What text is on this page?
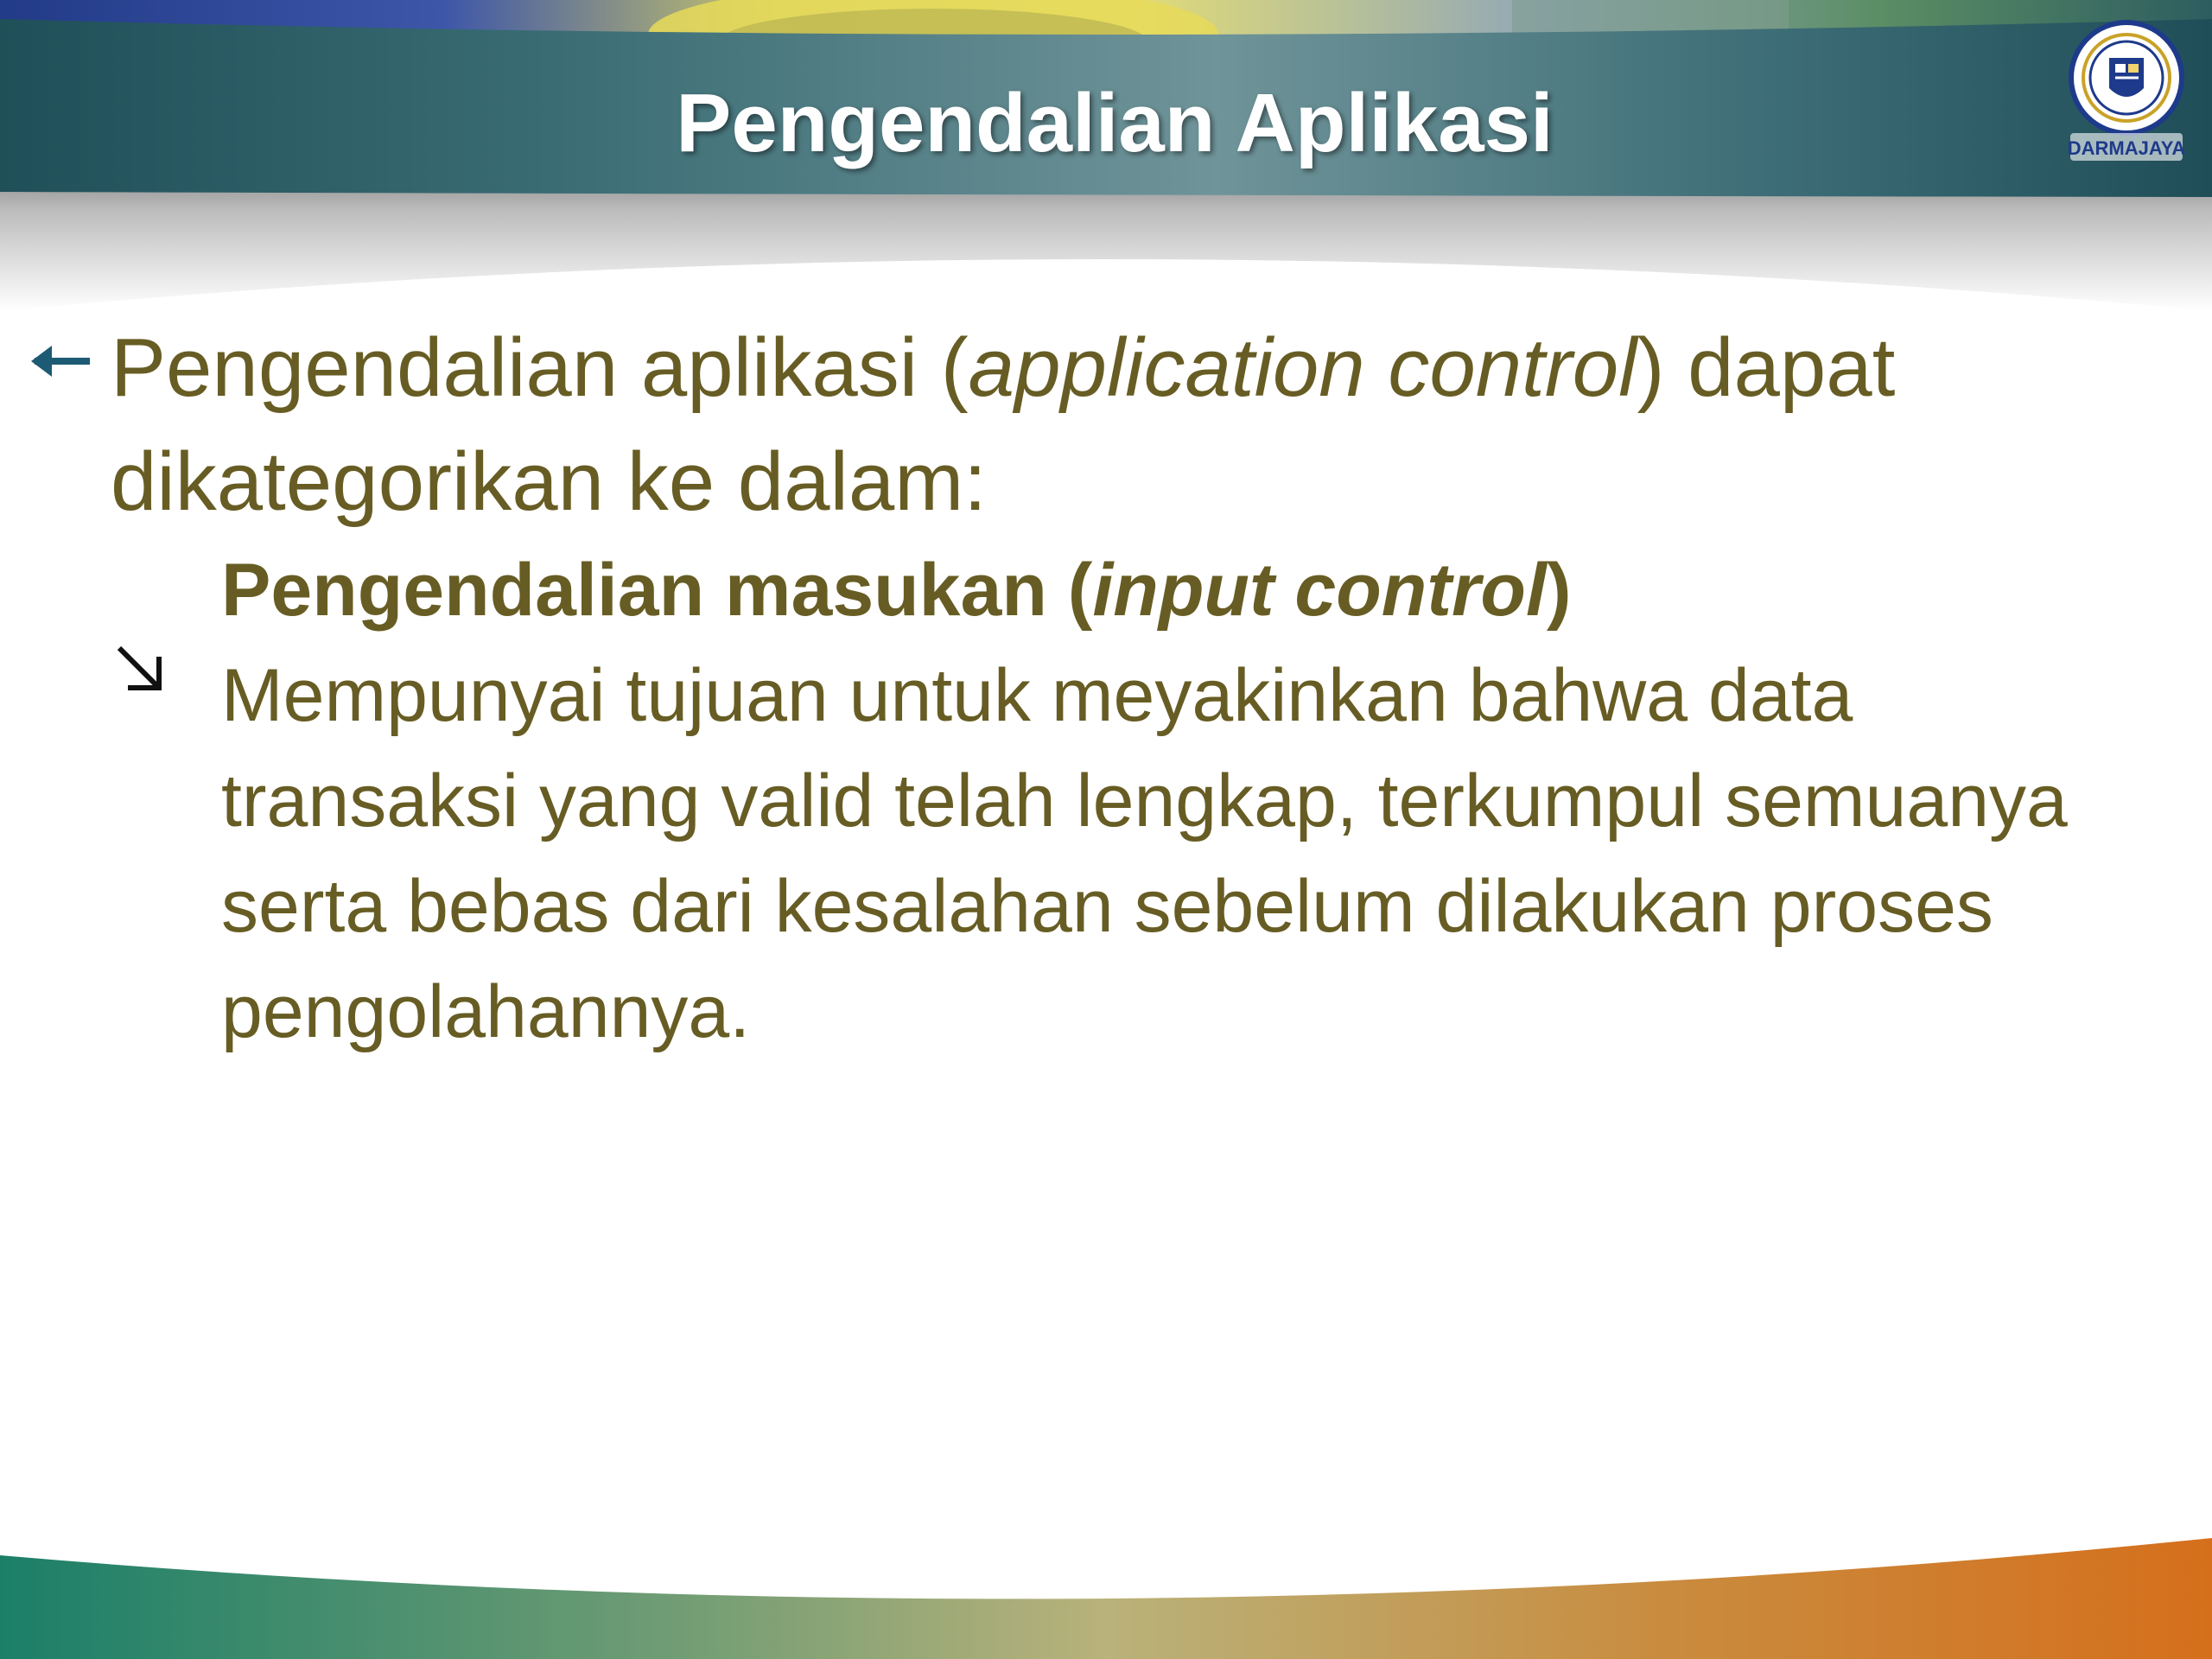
Pengendalian Aplikasi	DARMAJAYA

Pengendalian aplikasi (application control) dapat dikategorikan ke dalam:

Pengendalian masukan (input control)

Mempunyai tujuan untuk meyakinkan bahwa data transaksi yang valid telah lengkap, terkumpul semuanya serta bebas dari kesalahan sebelum dilakukan proses pengolahannya.
